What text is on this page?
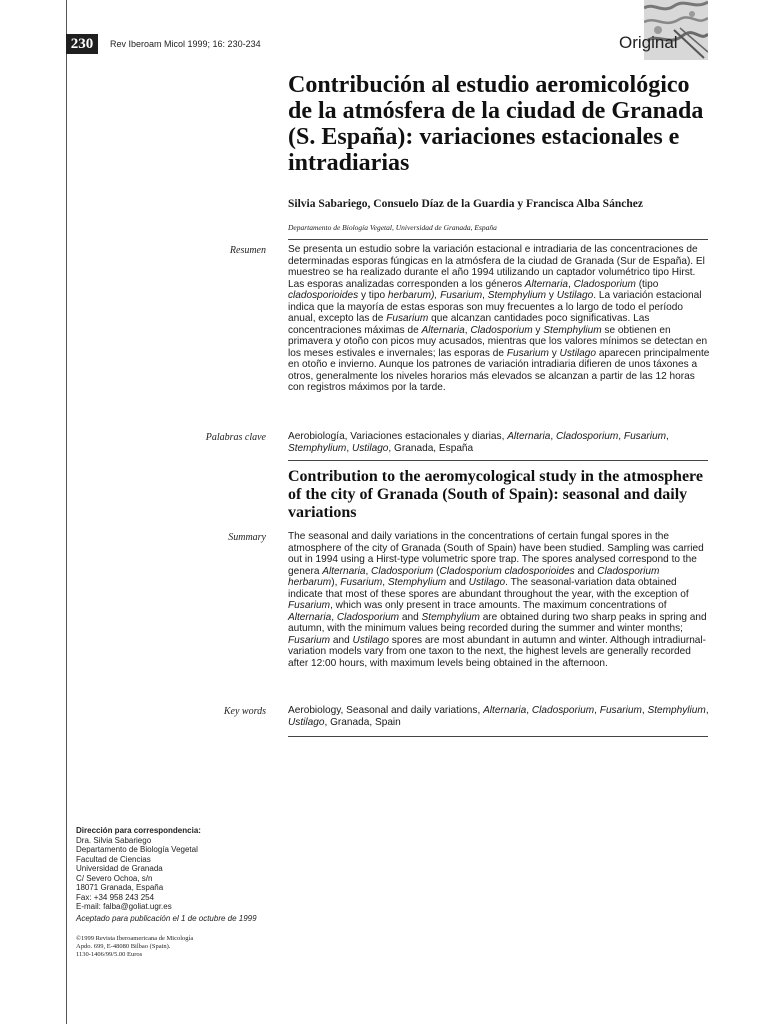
230	Rev Iberoam Micol 1999; 16: 230-234	Original
Contribución al estudio aeromicológico de la atmósfera de la ciudad de Granada (S. España): variaciones estacionales e intradiarias
Silvia Sabariego, Consuelo Díaz de la Guardia y Francisca Alba Sánchez
Departamento de Biología Vegetal, Universidad de Granada, España
Resumen Se presenta un estudio sobre la variación estacional e intradiaria de las concentraciones de determinadas esporas fúngicas en la atmósfera de la ciudad de Granada (Sur de España). El muestreo se ha realizado durante el año 1994 utilizando un captador volumétrico tipo Hirst. Las esporas analizadas corresponden a los géneros Alternaria, Cladosporium (tipo cladosporioides y tipo herbarum), Fusarium, Stemphylium y Ustilago. La variación estacional indica que la mayoría de estas esporas son muy frecuentes a lo largo de todo el período anual, excepto las de Fusarium que alcanzan cantidades poco significativas. Las concentraciones máximas de Alternaria, Cladosporium y Stemphylium se obtienen en primavera y otoño con picos muy acusados, mientras que los valores mínimos se detectan en los meses estivales e invernales; las esporas de Fusarium y Ustilago aparecen principalmente en otoño e invierno. Aunque los patrones de variación intradiaria difieren de unos táxones a otros, generalmente los niveles horarios más elevados se alcanzan a partir de las 12 horas con registros máximos por la tarde.

Palabras clave Aerobiología, Variaciones estacionales y diarias, Alternaria, Cladosporium, Fusarium, Stemphylium, Ustilago, Granada, España

Contribution to the aeromycological study in the atmosphere of the city of Granada (South of Spain): seasonal and daily variations
Summary The seasonal and daily variations in the concentrations of certain fungal spores in the atmosphere of the city of Granada (South of Spain) have been studied. Sampling was carried out in 1994 using a Hirst-type volumetric spore trap. The spores analysed correspond to the genera Alternaria, Cladosporium (Cladosporium cladosporioides and Cladosporium herbarum), Fusarium, Stemphylium and Ustilago. The seasonal-variation data obtained indicate that most of these spores are abundant throughout the year, with the exception of Fusarium, which was only present in trace amounts. The maximum concentrations of Alternaria, Cladosporium and Stemphylium are obtained during two sharp peaks in spring and autumn, with the minimum values being recorded during the summer and winter months; Fusarium and Ustilago spores are most abundant in autumn and winter. Although intradiurnal-variation models vary from one taxon to the next, the highest levels are generally recorded after 12:00 hours, with maximum levels being obtained in the afternoon.

Key words Aerobiology, Seasonal and daily variations, Alternaria, Cladosporium, Fusarium, Stemphylium, Ustilago, Granada, Spain

Dirección para correspondencia:
Dra. Silvia Sabariego
Departamento de Biología Vegetal
Facultad de Ciencias
Universidad de Granada
C/ Severo Ochoa, s/n
18071 Granada, España
Fax: +34 958 243 254
E-mail: falba@goliat.ugr.es
Aceptado para publicación el 1 de octubre de 1999
©1999 Revista Iberoamericana de Micología
Apdo. 699, E-48080 Bilbao (Spain).
1130-1406/99/5.00 Euros
